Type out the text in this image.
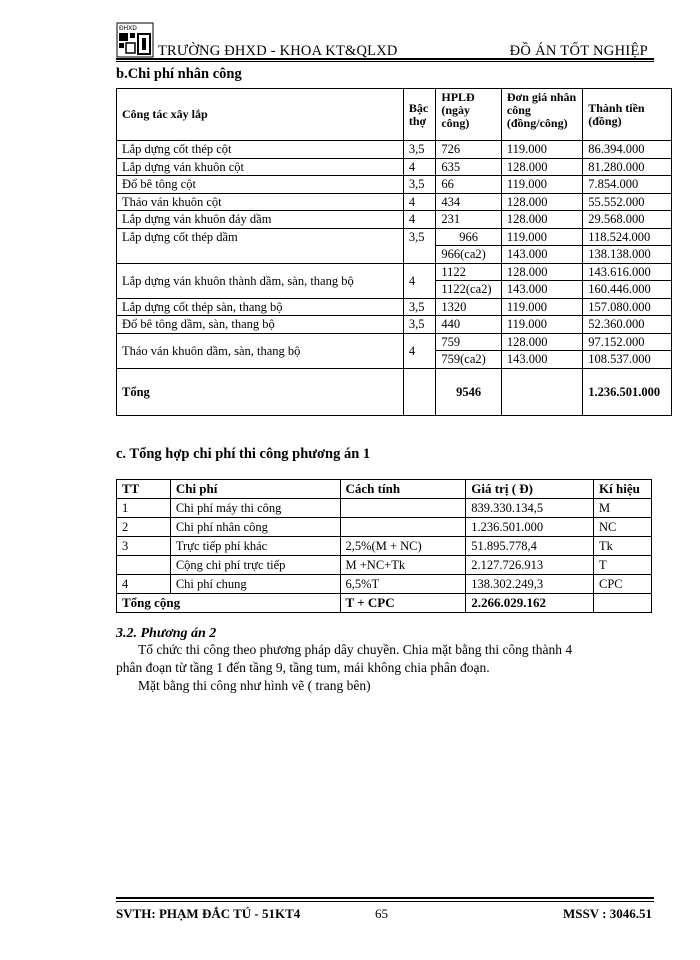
ĐHXD
TRƯỜNG ĐHXD - KHOA KT&QLXD	ĐỒ ÁN TỐT NGHIỆP
b.Chi phí nhân công
Công tác xây lắp	Bậc thợ	HPLĐ (ngày công)	Đơn giá nhân công (đồng/công)	Thành tiền (đồng)
Lắp dựng cốt thép cột	3,5	726	119.000	86.394.000
Lắp dựng ván khuôn cột	4	635	128.000	81.280.000
Đổ bê tông cột	3,5	66	119.000	7.854.000
Tháo ván khuôn cột	4	434	128.000	55.552.000
Lắp dựng ván khuôn đáy dầm	4	231	128.000	29.568.000
Lắp dựng cốt thép dầm	3,5	966	119.000	118.524.000
		966(ca2)	143.000	138.138.000
Lắp dựng ván khuôn thành dầm, sàn, thang bộ	4	1122	128.000	143.616.000
		1122(ca2)	143.000	160.446.000
Lắp dựng cốt thép sàn, thang bộ	3,5	1320	119.000	157.080.000
Đổ bê tông dầm, sàn, thang bộ	3,5	440	119.000	52.360.000
Tháo ván khuôn dầm, sàn, thang bộ	4	759	128.000	97.152.000
		759(ca2)	143.000	108.537.000
Tổng		9546		1.236.501.000
c. Tổng hợp chi phí thi công phương án 1
TT	Chi phí	Cách tính	Giá trị ( Đ)	Kí hiệu
1	Chi phí máy thi công		839.330.134,5	M
2	Chi phí nhân công		1.236.501.000	NC
3	Trực tiếp phí khác	2,5%(M + NC)	51.895.778,4	Tk
	Cộng chi phí trực tiếp	M +NC+Tk	2.127.726.913	T
4	Chi phí chung	6,5%T	138.302.249,3	CPC
Tổng cộng		T + CPC	2.266.029.162	
3.2. Phương án 2
Tổ chức thi công theo phương pháp dây chuyền. Chia mặt bằng thi công thành 4
phân đoạn từ tầng 1 đến tầng 9, tầng tum, mái không chia phân đoạn.
Mặt bằng thi công như hình vẽ ( trang bên)
SVTH: PHẠM ĐẮC TÚ - 51KT4	65	MSSV : 3046.51
